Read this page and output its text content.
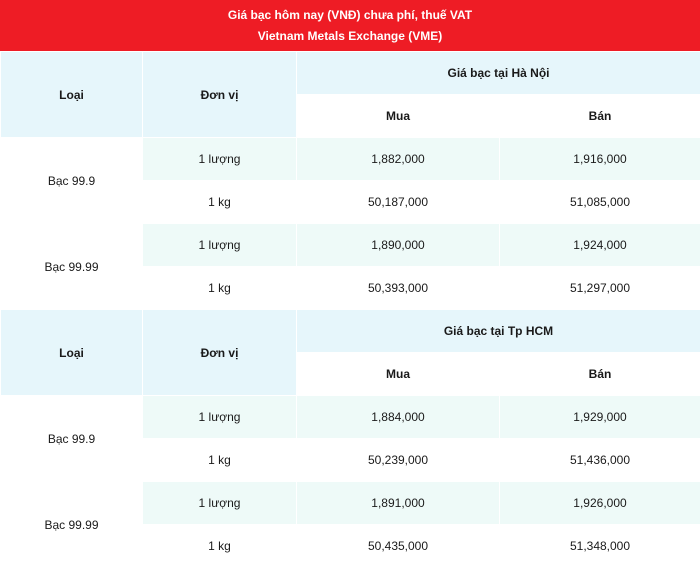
Giá bạc hôm nay (VNĐ) chưa phí, thuế VAT
Vietnam Metals Exchange (VME)
Loại	Đơn vị	Giá bạc tại Hà Nội	
		Mua	Bán
Bạc 99.9	1 lượng	1,882,000	1,916,000
	1 kg	50,187,000	51,085,000
Bạc 99.99	1 lượng	1,890,000	1,924,000
	1 kg	50,393,000	51,297,000
Loại	Đơn vị	Giá bạc tại Tp HCM	
		Mua	Bán
Bạc 99.9	1 lượng	1,884,000	1,929,000
	1 kg	50,239,000	51,436,000
Bạc 99.99	1 lượng	1,891,000	1,926,000
	1 kg	50,435,000	51,348,000
